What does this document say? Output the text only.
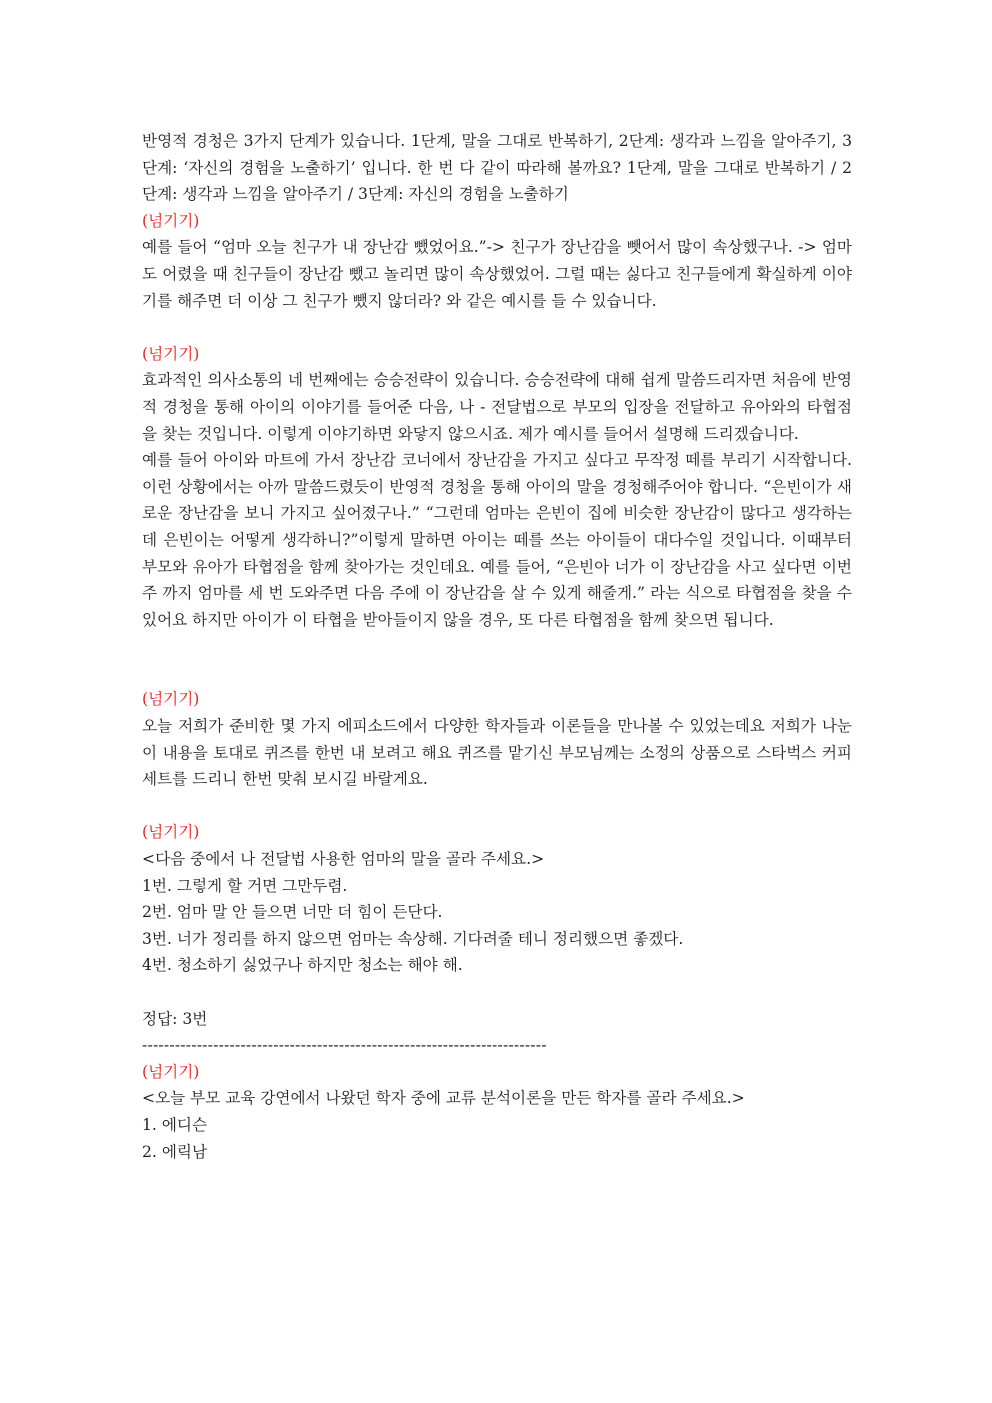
반영적 경청은 3가지 단계가 있습니다. 1단계, 말을 그대로 반복하기, 2단계: 생각과 느낌을 알아주기, 3단계: ‘자신의 경험을 노출하기’ 입니다. 한 번 다 같이 따라해 볼까요? 1단계, 말을 그대로 반복하기 / 2단계: 생각과 느낌을 알아주기 / 3단계: 자신의 경험을 노출하기

(넘기기)

예를 들어 “엄마 오늘 친구가 내 장난감 뺐었어요.”-> 친구가 장난감을 뺏어서 많이 속상했구나. -> 엄마도 어렸을 때 친구들이 장난감 뺐고 놀리면 많이 속상했었어. 그럴 때는 싫다고 친구들에게 확실하게 이야기를 해주면 더 이상 그 친구가 뺐지 않더라? 와 같은 예시를 들 수 있습니다.

(넘기기)

효과적인 의사소통의 네 번째에는 승승전략이 있습니다. 승승전략에 대해 쉽게 말씀드리자면 처음에 반영적 경청을 통해 아이의 이야기를 들어준 다음, 나 - 전달법으로 부모의 입장을 전달하고 유아와의 타협점을 찾는 것입니다. 이렇게 이야기하면 와닿지 않으시죠. 제가 예시를 들어서 설명해 드리겠습니다.

예를 들어 아이와 마트에 가서 장난감 코너에서 장난감을 가지고 싶다고 무작정 떼를 부리기 시작합니다. 이런 상황에서는 아까 말씀드렸듯이 반영적 경청을 통해 아이의 말을 경청해주어야 합니다. “은빈이가 새로운 장난감을 보니 가지고 싶어졌구나.” “그런데 엄마는 은빈이 집에 비슷한 장난감이 많다고 생각하는데 은빈이는 어떻게 생각하니?”이렇게 말하면 아이는 떼를 쓰는 아이들이 대다수일 것입니다. 이때부터 부모와 유아가 타협점을 함께 찾아가는 것인데요. 예를 들어, “은빈아 너가 이 장난감을 사고 싶다면 이번주 까지 엄마를 세 번 도와주면 다음 주에 이 장난감을 살 수 있게 해줄게.” 라는 식으로 타협점을 찾을 수 있어요 하지만 아이가 이 타협을 받아들이지 않을 경우, 또 다른 타협점을 함께 찾으면 됩니다.

(넘기기)

오늘 저희가 준비한 몇 가지 에피소드에서 다양한 학자들과 이론들을 만나볼 수 있었는데요 저희가 나눈 이 내용을 토대로 퀴즈를 한번 내 보려고 해요 퀴즈를 맡기신 부모님께는 소정의 상품으로 스타벅스 커피세트를 드리니 한번 맞춰 보시길 바랄게요.

(넘기기)

<다음 중에서 나 전달법 사용한 엄마의 말을 골라 주세요.>

1번. 그렇게 할 거면 그만두렴.

2번. 엄마 말 안 들으면 너만 더 힘이 든단다.

3번. 너가 정리를 하지 않으면 엄마는 속상해. 기다려줄 테니 정리했으면 좋겠다.

4번. 청소하기 싫었구나 하지만 청소는 해야 해.

정답: 3번

--------------------------------------------------------------------------

(넘기기)

<오늘 부모 교육 강연에서 나왔던 학자 중에 교류 분석이론을 만든 학자를 골라 주세요.>

1. 에디슨

2. 에릭남
